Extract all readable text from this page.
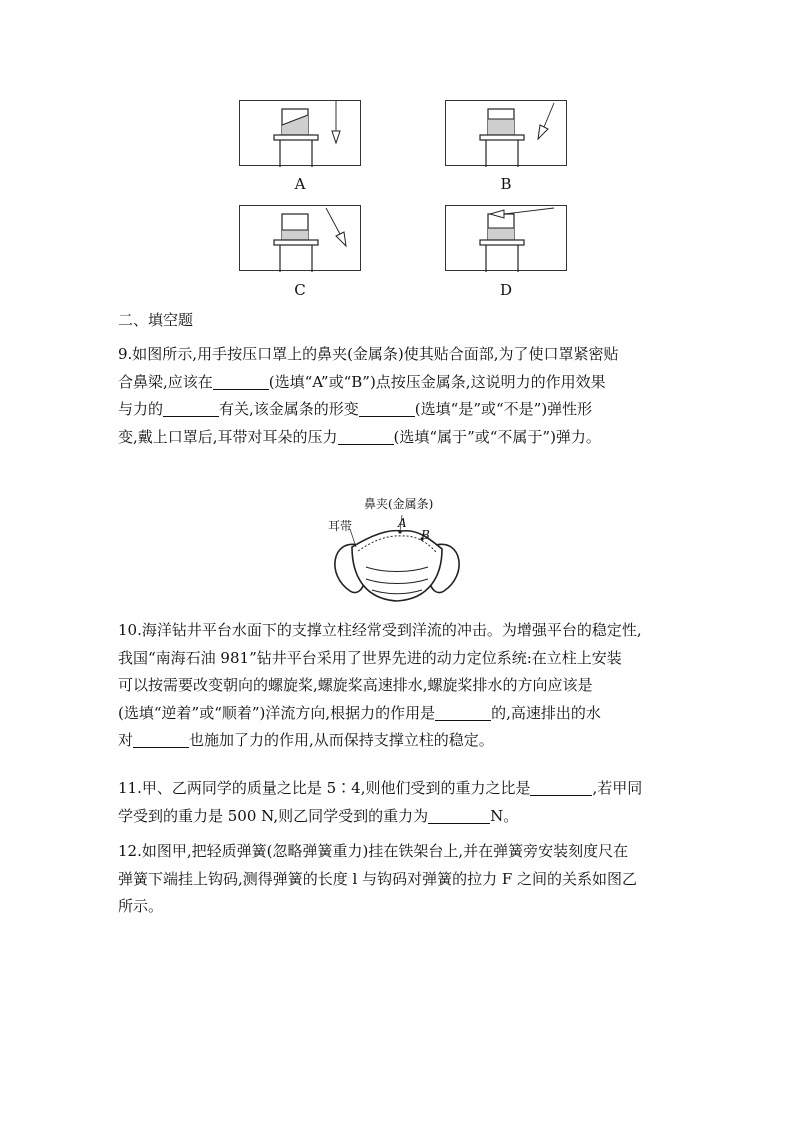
A	B
C	D
二、填空题
9.如图所示,用手按压口罩上的鼻夹(金属条)使其贴合面部,为了使口罩紧密贴
合鼻梁,应该在	(选填“A”或“B”)点按压金属条,这说明力的作用效果
与力的	有关,该金属条的形变	(选填“是”或“不是”)弹性形
变,戴上口罩后,耳带对耳朵的压力	(选填“属于”或“不属于”)弹力。
鼻夹(金属条)
耳带	A
B
10.海洋钻井平台水面下的支撑立柱经常受到洋流的冲击。为增强平台的稳定性,
我国“南海石油 981”钻井平台采用了世界先进的动力定位系统:在立柱上安装
可以按需要改变朝向的螺旋桨,螺旋桨高速排水,螺旋桨排水的方向应该是
(选填“逆着”或“顺着”)洋流方向,根据力的作用是	的,高速排出的水
对	也施加了力的作用,从而保持支撑立柱的稳定。
11.甲、乙两同学的质量之比是 5∶4,则他们受到的重力之比是	,若甲同
学受到的重力是 500 N,则乙同学受到的重力为	N。
12.如图甲,把轻质弹簧(忽略弹簧重力)挂在铁架台上,并在弹簧旁安装刻度尺在
弹簧下端挂上钩码,测得弹簧的长度 l 与钩码对弹簧的拉力 F 之间的关系如图乙
所示。
